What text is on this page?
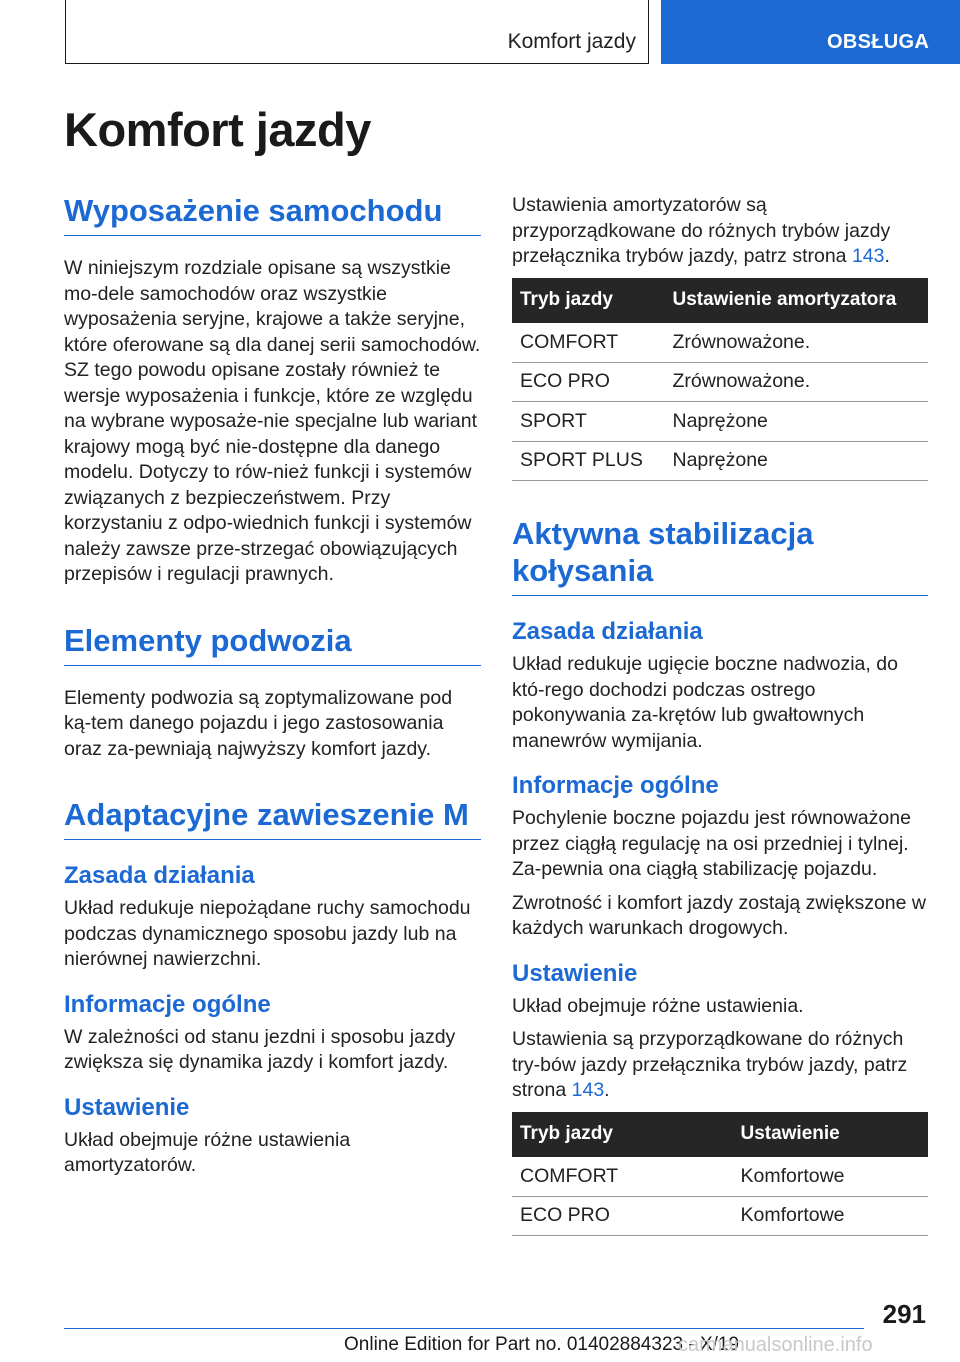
Komfort jazdy	OBSŁUGA
Komfort jazdy
Wyposażenie samochodu

W niniejszym rozdziale opisane są wszystkie mo-dele samochodów oraz wszystkie wyposażenia seryjne, krajowe a także seryjne, które oferowane są dla danej serii samochodów. SZ tego powodu opisane zostały również te wersje wyposażenia i funkcje, które ze względu na wybrane wyposaże-nie specjalne lub wariant krajowy mogą być nie-dostępne dla danego modelu. Dotyczy to rów-nież funkcji i systemów związanych z bezpieczeństwem. Przy korzystaniu z odpo-wiednich funkcji i systemów należy zawsze prze-strzegać obowiązujących przepisów i regulacji prawnych.

Elementy podwozia

Elementy podwozia są zoptymalizowane pod ką-tem danego pojazdu i jego zastosowania oraz za-pewniają najwyższy komfort jazdy.

Adaptacyjne zawieszenie M
Zasada działania

Układ redukuje niepożądane ruchy samochodu podczas dynamicznego sposobu jazdy lub na nierównej nawierzchni.

Informacje ogólne

W zależności od stanu jezdni i sposobu jazdy zwiększa się dynamika jazdy i komfort jazdy.

Ustawienie

Układ obejmuje różne ustawienia amortyzatorów.

Ustawienia amortyzatorów są przyporządkowane do różnych trybów jazdy przełącznika trybów jazdy, patrz strona 143.

Tryb jazdy	Ustawienie amortyzatora
COMFORT	Zrównoważone.
ECO PRO	Zrównoważone.
SPORT	Naprężone
SPORT PLUS	Naprężone
Aktywna stabilizacja kołysania
Zasada działania

Układ redukuje ugięcie boczne nadwozia, do któ-rego dochodzi podczas ostrego pokonywania za-krętów lub gwałtownych manewrów wymijania.

Informacje ogólne

Pochylenie boczne pojazdu jest równoważone przez ciągłą regulację na osi przedniej i tylnej. Za-pewnia ona ciągłą stabilizację pojazdu.

Zwrotność i komfort jazdy zostają zwiększone w każdych warunkach drogowych.

Ustawienie

Układ obejmuje różne ustawienia.

Ustawienia są przyporządkowane do różnych try-bów jazdy przełącznika trybów jazdy, patrz strona 143.

Tryb jazdy	Ustawienie
COMFORT	Komfortowe
ECO PRO	Komfortowe
291
Online Edition for Part no. 01402884323 - X/19
carmanualsonline.info
